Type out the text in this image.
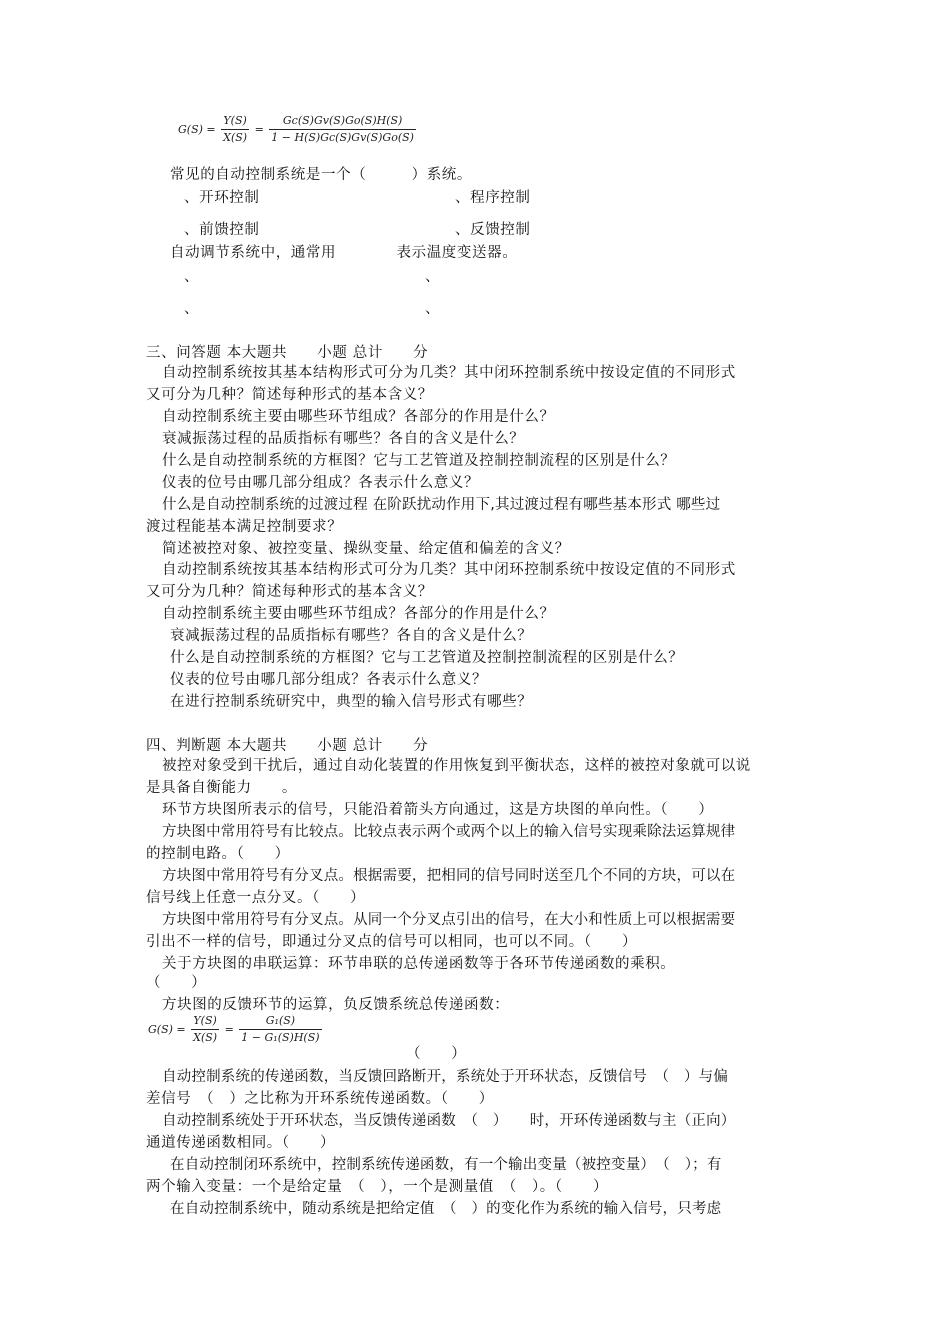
$G(S) = \frac{Y(S)}{X(S)} = \frac{Gc(S)Gv(S)Go(S)H(S)}{1 - H(S)Gc(S)Gv(S)Go(S)}$
常见的自动控制系统是一个（　　　）系统。
、开环控制	、程序控制
、前馈控制	、反馈控制
自动调节系统中，通常用　　　　表示温度变送器。
、	、
、	、
三、问答题 本大题共　　小题 总计　　分
自动控制系统按其基本结构形式可分为几类？其中闭环控制系统中按设定值的不同形式
又可分为几种？简述每种形式的基本含义？
自动控制系统主要由哪些环节组成？各部分的作用是什么？
衰减振荡过程的品质指标有哪些？各自的含义是什么？
什么是自动控制系统的方框图？它与工艺管道及控制控制流程的区别是什么？
仪表的位号由哪几部分组成？各表示什么意义？
什么是自动控制系统的过渡过程 在阶跃扰动作用下,其过渡过程有哪些基本形式 哪些过
渡过程能基本满足控制要求？
简述被控对象、被控变量、操纵变量、给定值和偏差的含义？
自动控制系统按其基本结构形式可分为几类？其中闭环控制系统中按设定值的不同形式
又可分为几种？简述每种形式的基本含义？
自动控制系统主要由哪些环节组成？各部分的作用是什么？
衰减振荡过程的品质指标有哪些？各自的含义是什么？
什么是自动控制系统的方框图？它与工艺管道及控制控制流程的区别是什么？
仪表的位号由哪几部分组成？各表示什么意义？
在进行控制系统研究中，典型的输入信号形式有哪些？
四、判断题 本大题共　　小题 总计　　分
被控对象受到干扰后，通过自动化装置的作用恢复到平衡状态，这样的被控对象就可以说
是具备自衡能力　　。
环节方块图所表示的信号，只能沿着箭头方向通过，这是方块图的单向性。（　　）
方块图中常用符号有比较点。比较点表示两个或两个以上的输入信号实现乘除法运算规律
的控制电路。（　　）
方块图中常用符号有分叉点。根据需要，把相同的信号同时送至几个不同的方块，可以在
信号线上任意一点分叉。（　　）
方块图中常用符号有分叉点。从同一个分叉点引出的信号，在大小和性质上可以根据需要
引出不一样的信号，即通过分叉点的信号可以相同，也可以不同。（　　）
关于方块图的串联运算：环节串联的总传递函数等于各环节传递函数的乘积。
（　　）
方块图的反馈环节的运算，负反馈系统总传递函数：
$G(S) = \frac{Y(S)}{X(S)} = \frac{\text{G₁(S)}}{\text{1 − G₁(S)H(S)}}$
（　　）
自动控制系统的传递函数，当反馈回路断开，系统处于开环状态，反馈信号　（　）与偏
差信号　（　）之比称为开环系统传递函数。（　　）
自动控制系统处于开环状态，当反馈传递函数　（　）　　时，开环传递函数与主（正向）
通道传递函数相同。（　　）
在自动控制闭环系统中，控制系统传递函数，有一个输出变量（被控变量）　（　）；有
两个输入变量：一个是给定量　（　），一个是测量值　（　）。（　　）
在自动控制系统中，随动系统是把给定值　（　）的变化作为系统的输入信号，只考虑
